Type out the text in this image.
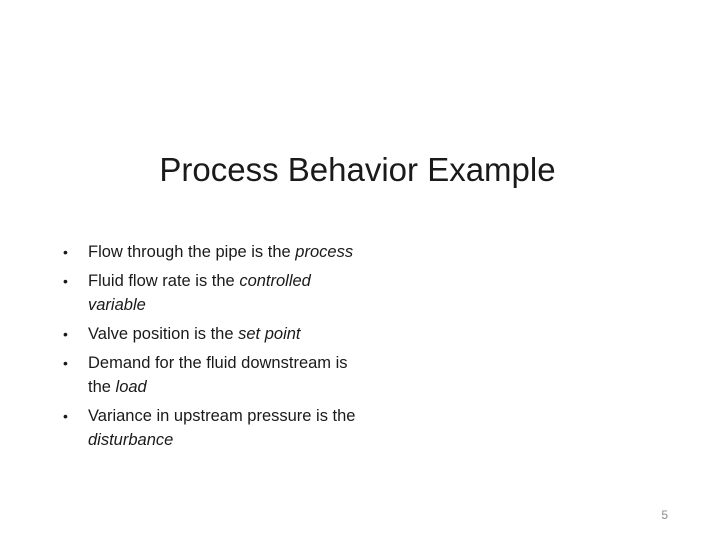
Process Behavior Example
• Flow through the pipe is the process
• Fluid flow rate is the controlled variable
• Valve position is the set point
• Demand for the fluid downstream is the load
• Variance in upstream pressure is the disturbance
5
